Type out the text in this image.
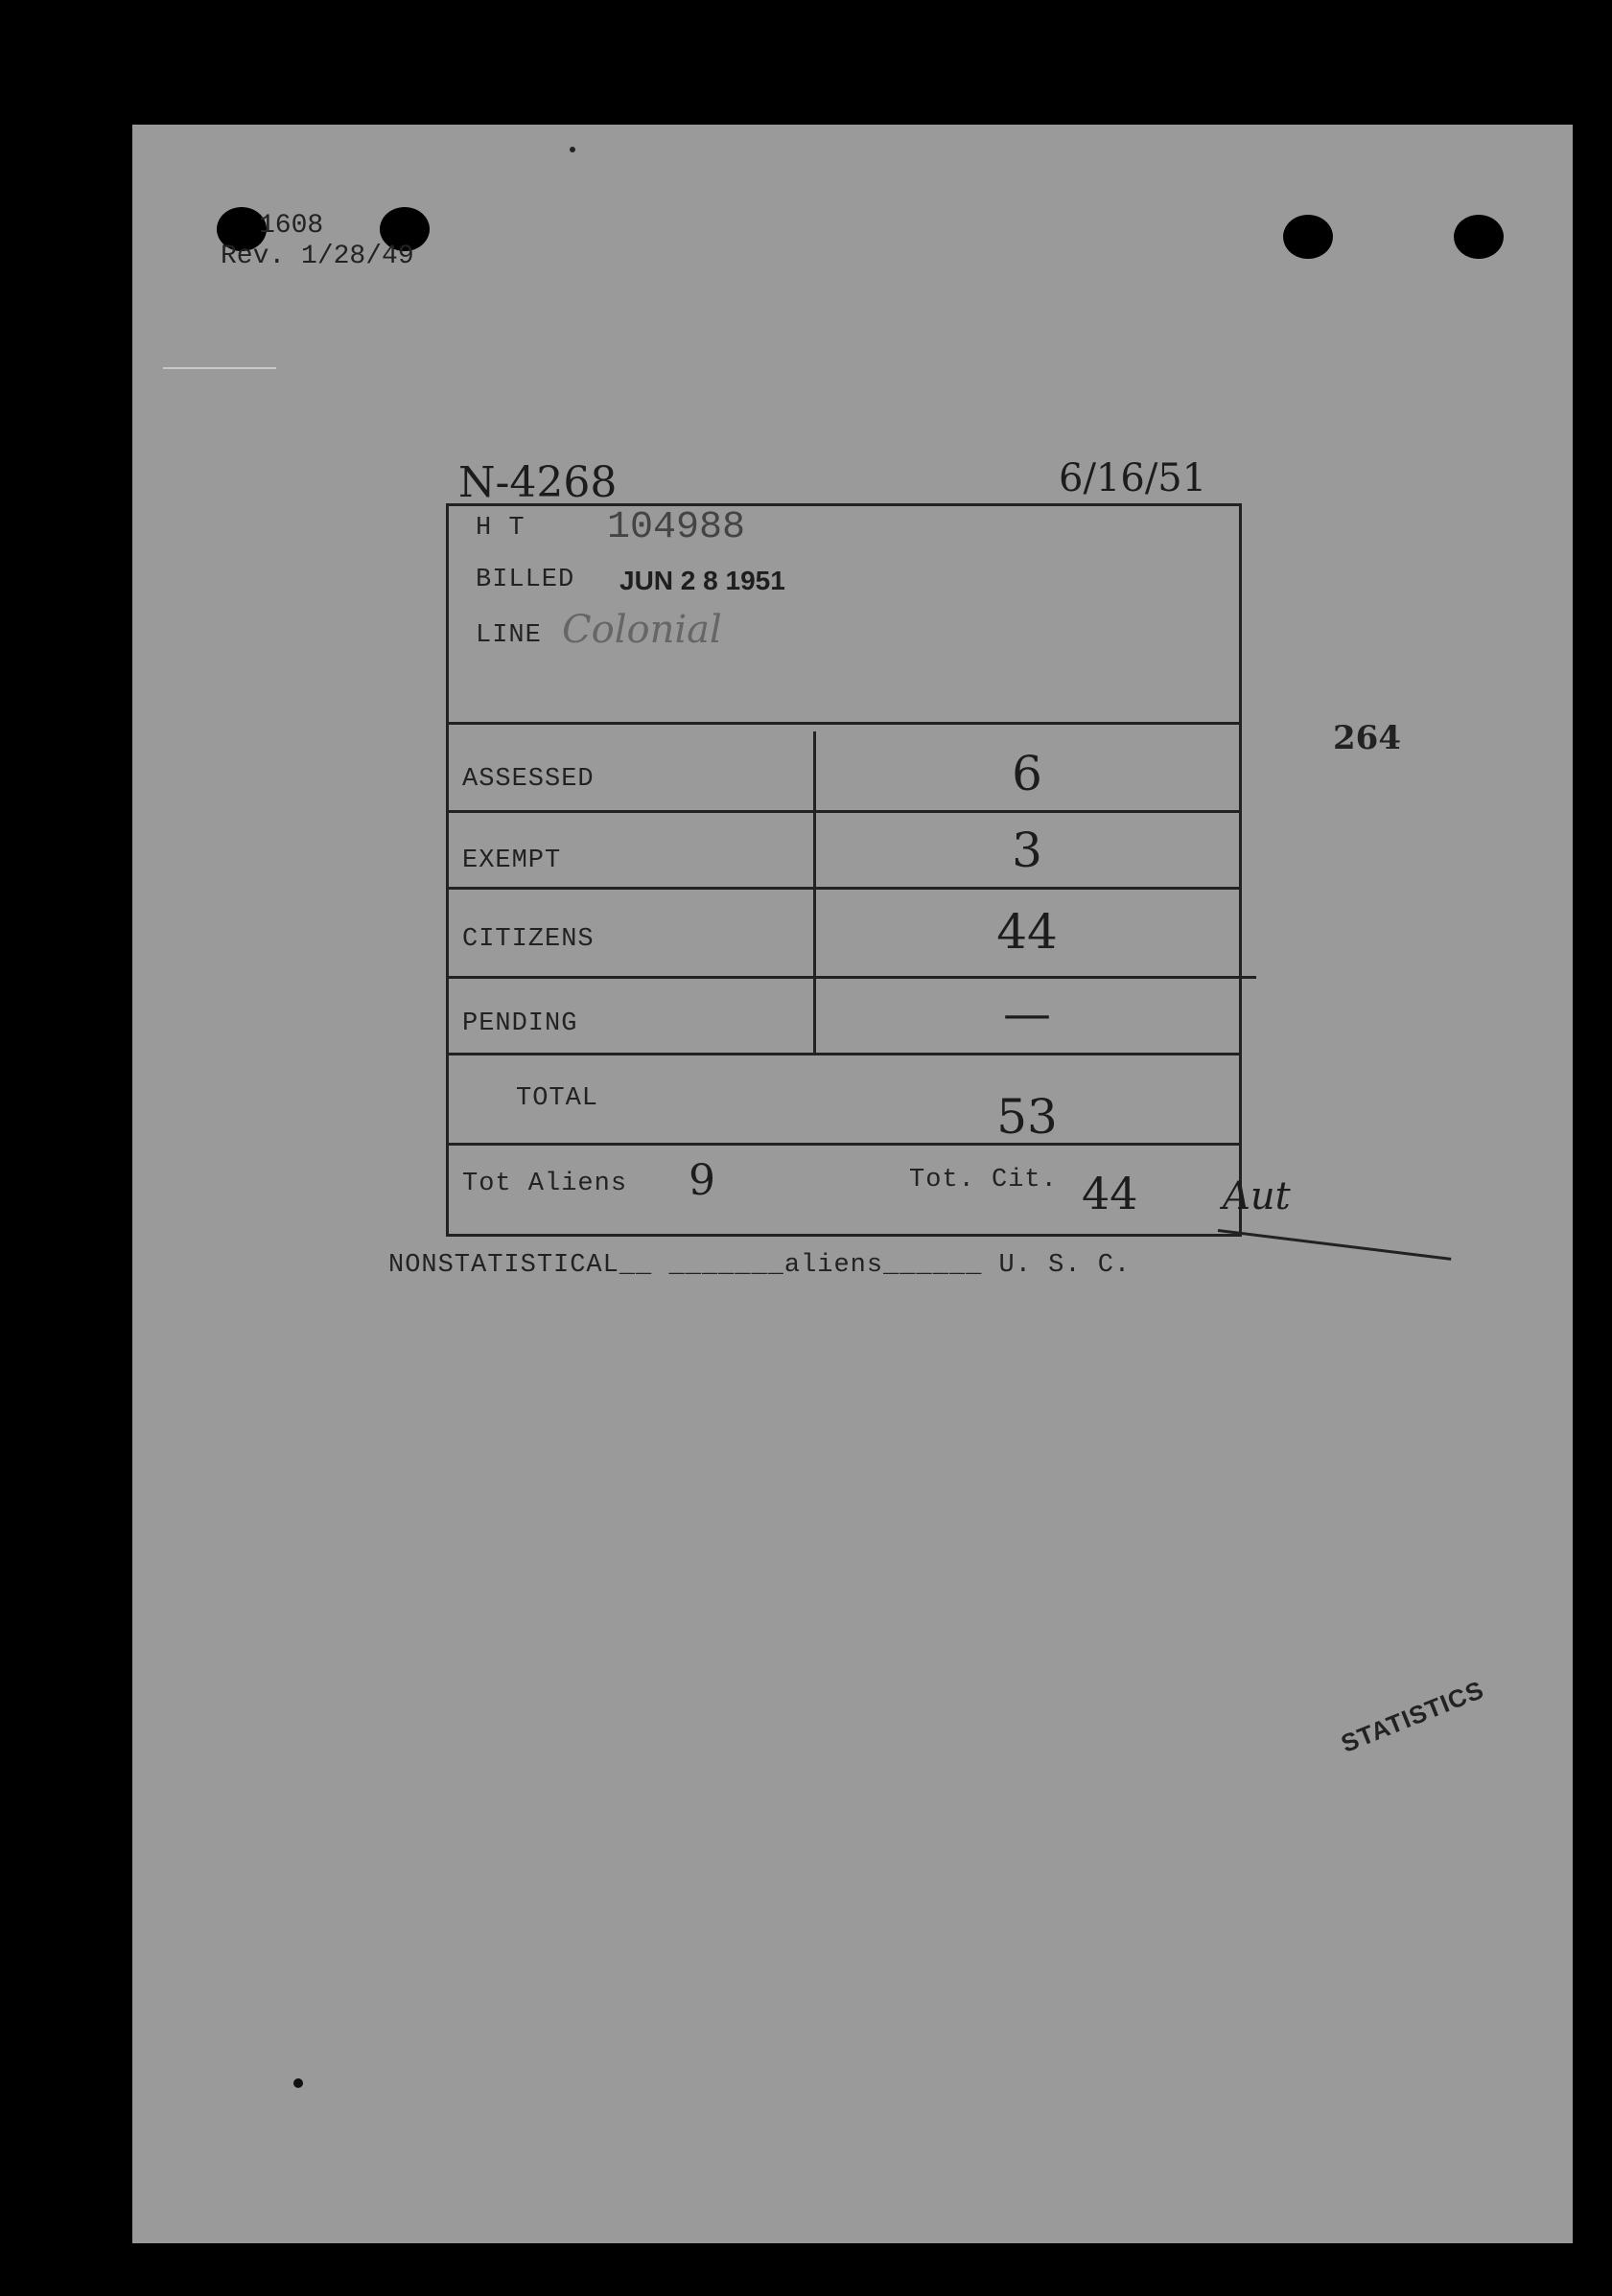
1608
Rev. 1/28/49
N-4268	6/16/51
264
H T 104988
BILLED JUN 2 8 1951
LINE Colonial
ASSESSED	6
EXEMPT	3
CITIZENS	44
PENDING	—
TOTAL	53
Tot Aliens 9	Tot. Cit. 44 Aut
NONSTATISTICAL__ _______aliens______ U. S. C.
STATISTICS
